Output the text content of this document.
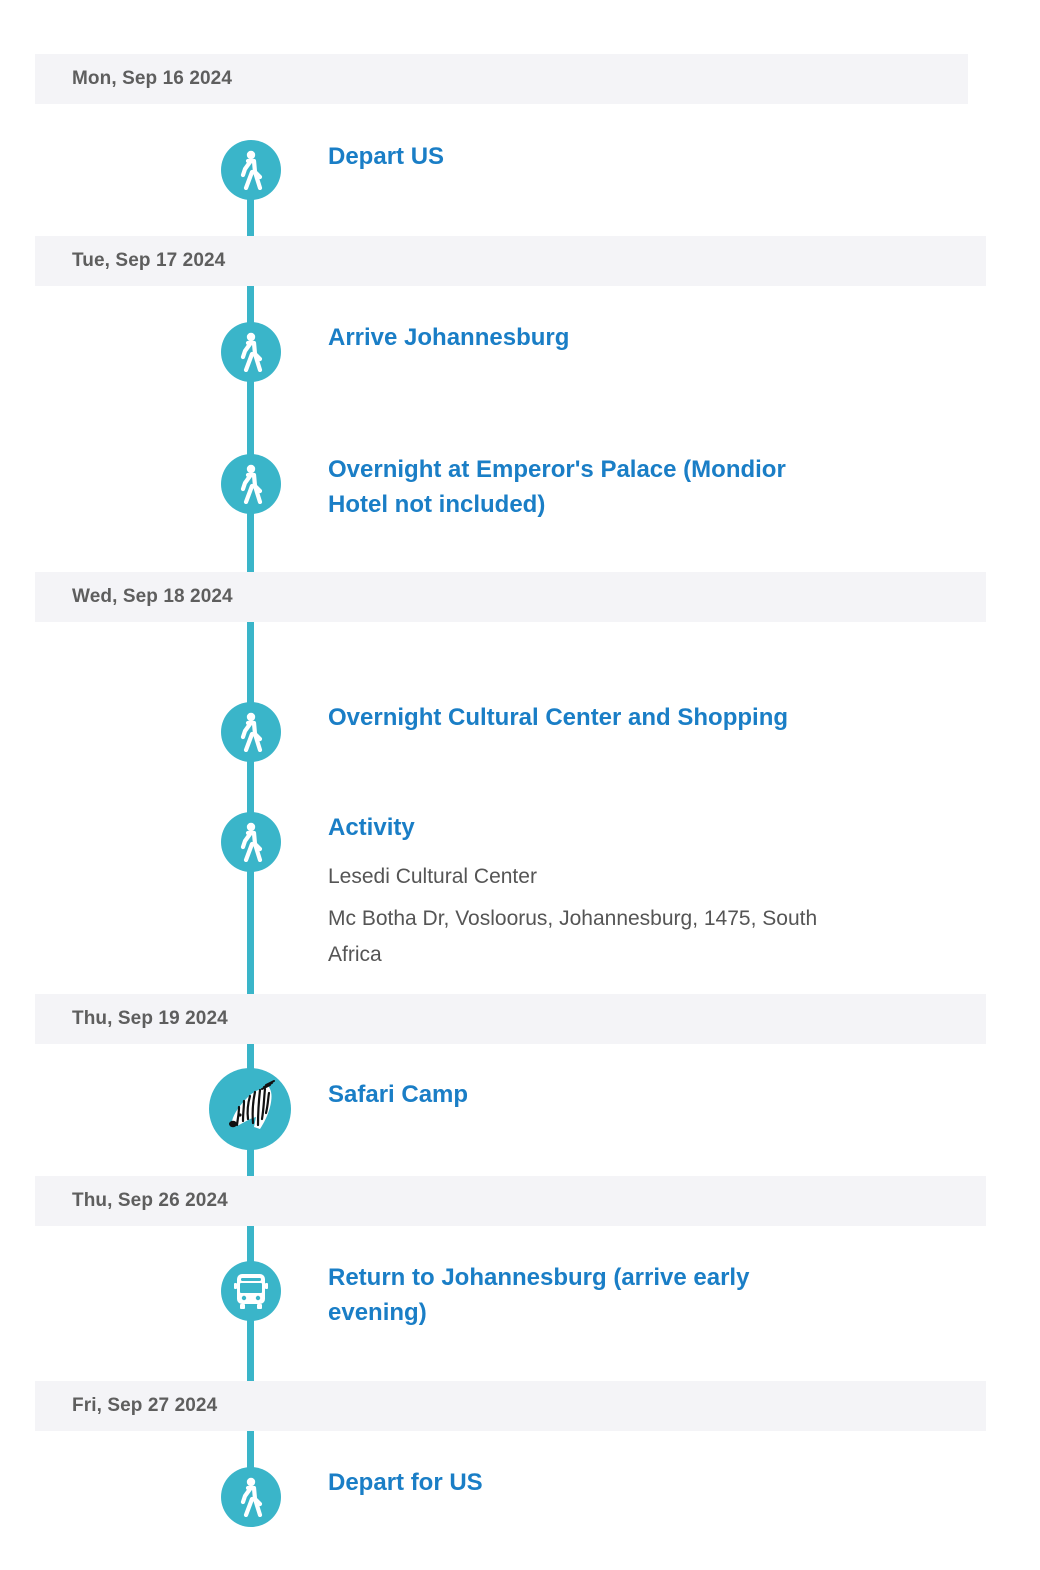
Mon, Sep 16 2024
Depart US
Tue, Sep 17 2024
Arrive Johannesburg
Overnight at Emperor's Palace (Mondior Hotel not included)
Wed, Sep 18 2024
Overnight Cultural Center and Shopping
Activity
Lesedi Cultural Center
Mc Botha Dr, Vosloorus, Johannesburg, 1475, South Africa
Thu, Sep 19 2024
Safari Camp
Thu, Sep 26 2024
Return to Johannesburg (arrive early evening)
Fri, Sep 27 2024
Depart for US
